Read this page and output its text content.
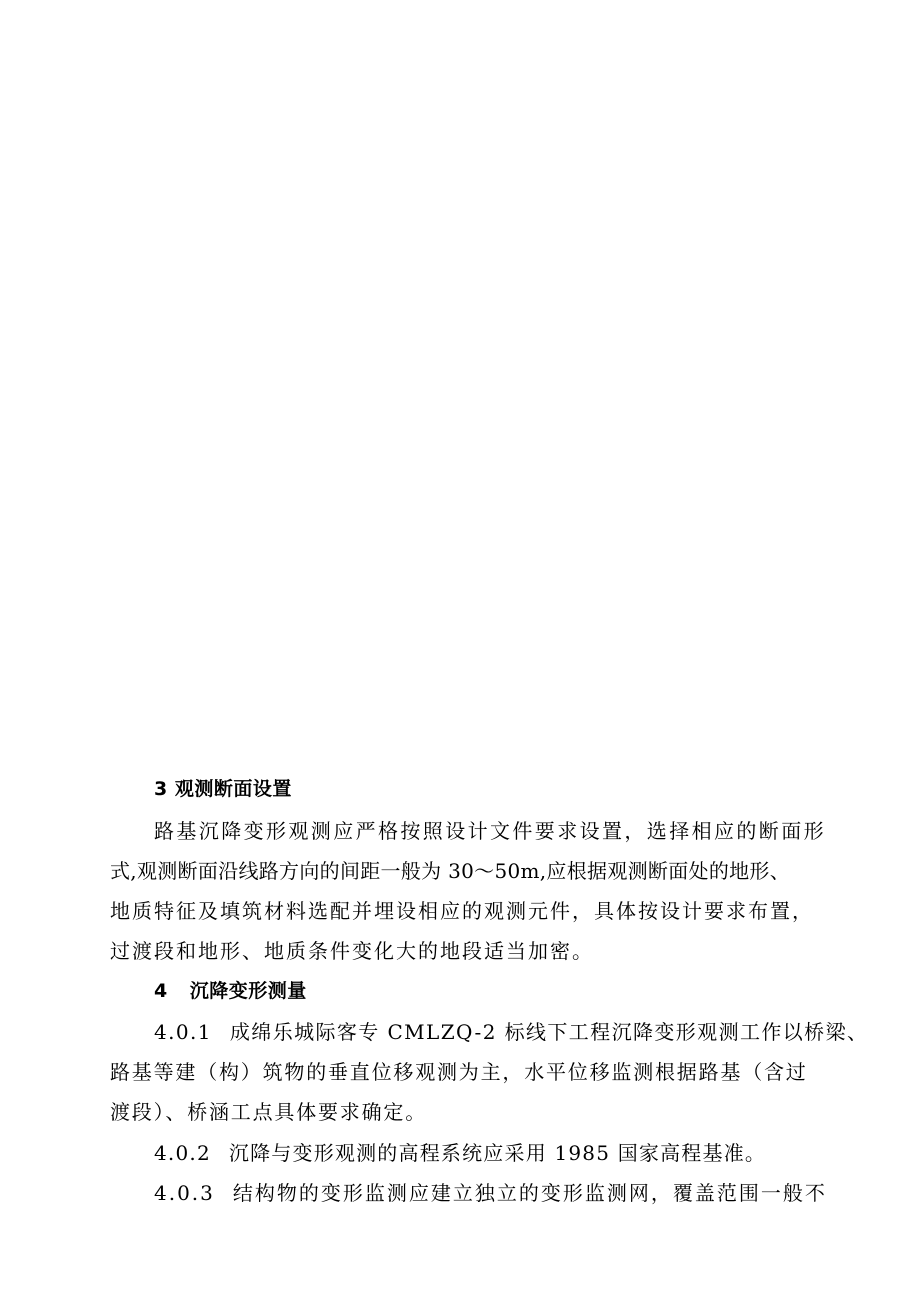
3 观测断面设置
路基沉降变形观测应严格按照设计文件要求设置，选择相应的断面形
式,观测断面沿线路方向的间距一般为 30～50m,应根据观测断面处的地形、
地质特征及填筑材料选配并埋设相应的观测元件，具体按设计要求布置，
过渡段和地形、地质条件变化大的地段适当加密。
4 沉降变形测量
4.0.1 成绵乐城际客专 CMLZQ-2 标线下工程沉降变形观测工作以桥梁、
路基等建（构）筑物的垂直位移观测为主，水平位移监测根据路基（含过
渡段）、桥涵工点具体要求确定。
4.0.2 沉降与变形观测的高程系统应采用 1985 国家高程基准。
4.0.3 结构物的变形监测应建立独立的变形监测网，覆盖范围一般不
